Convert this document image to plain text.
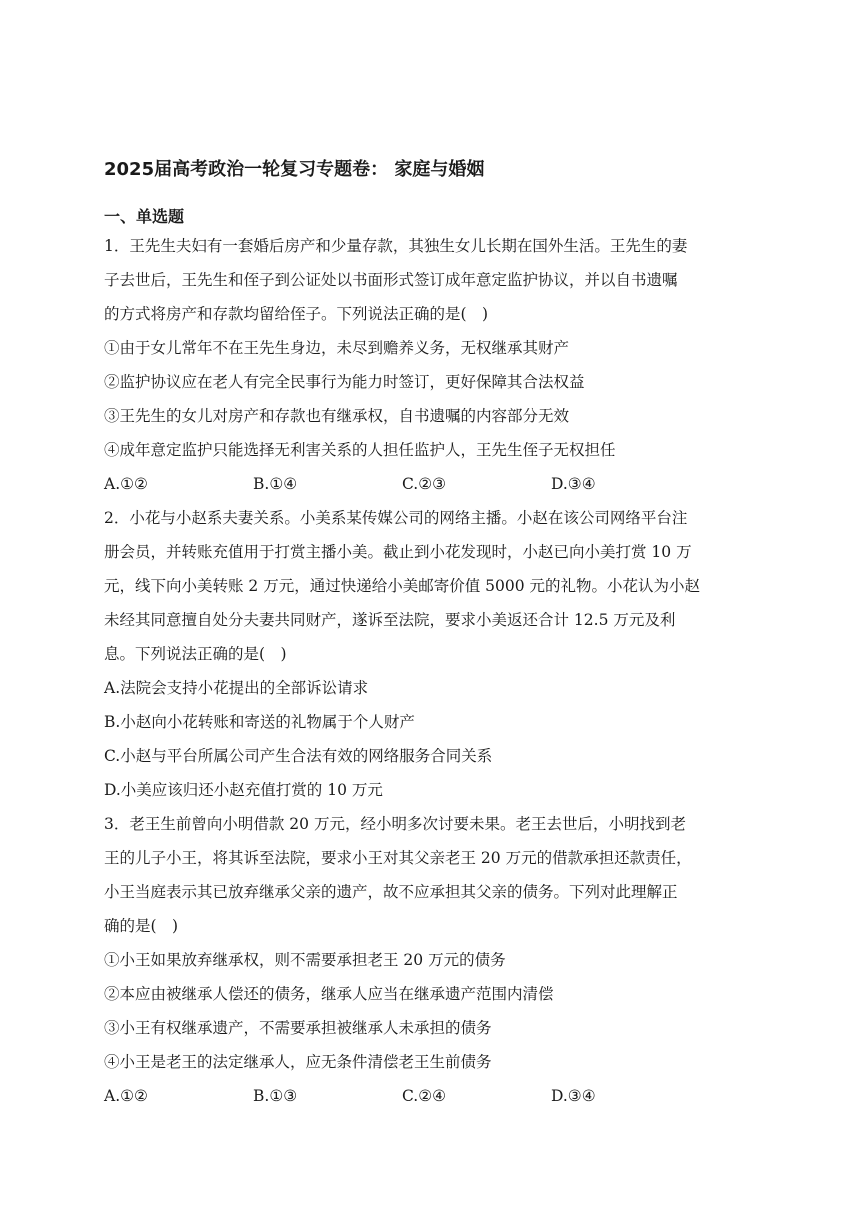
2025届高考政治一轮复习专题卷： 家庭与婚姻
一、单选题
1．王先生夫妇有一套婚后房产和少量存款，其独生女儿长期在国外生活。王先生的妻
子去世后，王先生和侄子到公证处以书面形式签订成年意定监护协议，并以自书遗嘱
的方式将房产和存款均留给侄子。下列说法正确的是(　)
①由于女儿常年不在王先生身边，未尽到赡养义务，无权继承其财产
②监护协议应在老人有完全民事行为能力时签订，更好保障其合法权益
③王先生的女儿对房产和存款也有继承权，自书遗嘱的内容部分无效
④成年意定监护只能选择无利害关系的人担任监护人，王先生侄子无权担任
A.①②	B.①④	C.②③	D.③④
2．小花与小赵系夫妻关系。小美系某传媒公司的网络主播。小赵在该公司网络平台注
册会员，并转账充值用于打赏主播小美。截止到小花发现时，小赵已向小美打赏 10 万
元，线下向小美转账 2 万元，通过快递给小美邮寄价值 5000 元的礼物。小花认为小赵
未经其同意擅自处分夫妻共同财产，遂诉至法院，要求小美返还合计 12.5 万元及利
息。下列说法正确的是(　)
A.法院会支持小花提出的全部诉讼请求
B.小赵向小花转账和寄送的礼物属于个人财产
C.小赵与平台所属公司产生合法有效的网络服务合同关系
D.小美应该归还小赵充值打赏的 10 万元
3．老王生前曾向小明借款 20 万元，经小明多次讨要未果。老王去世后，小明找到老
王的儿子小王，将其诉至法院，要求小王对其父亲老王 20 万元的借款承担还款责任，
小王当庭表示其已放弃继承父亲的遗产，故不应承担其父亲的债务。下列对此理解正
确的是(　)
①小王如果放弃继承权，则不需要承担老王 20 万元的债务
②本应由被继承人偿还的债务，继承人应当在继承遗产范围内清偿
③小王有权继承遗产，不需要承担被继承人未承担的债务
④小王是老王的法定继承人，应无条件清偿老王生前债务
A.①②	B.①③	C.②④	D.③④
